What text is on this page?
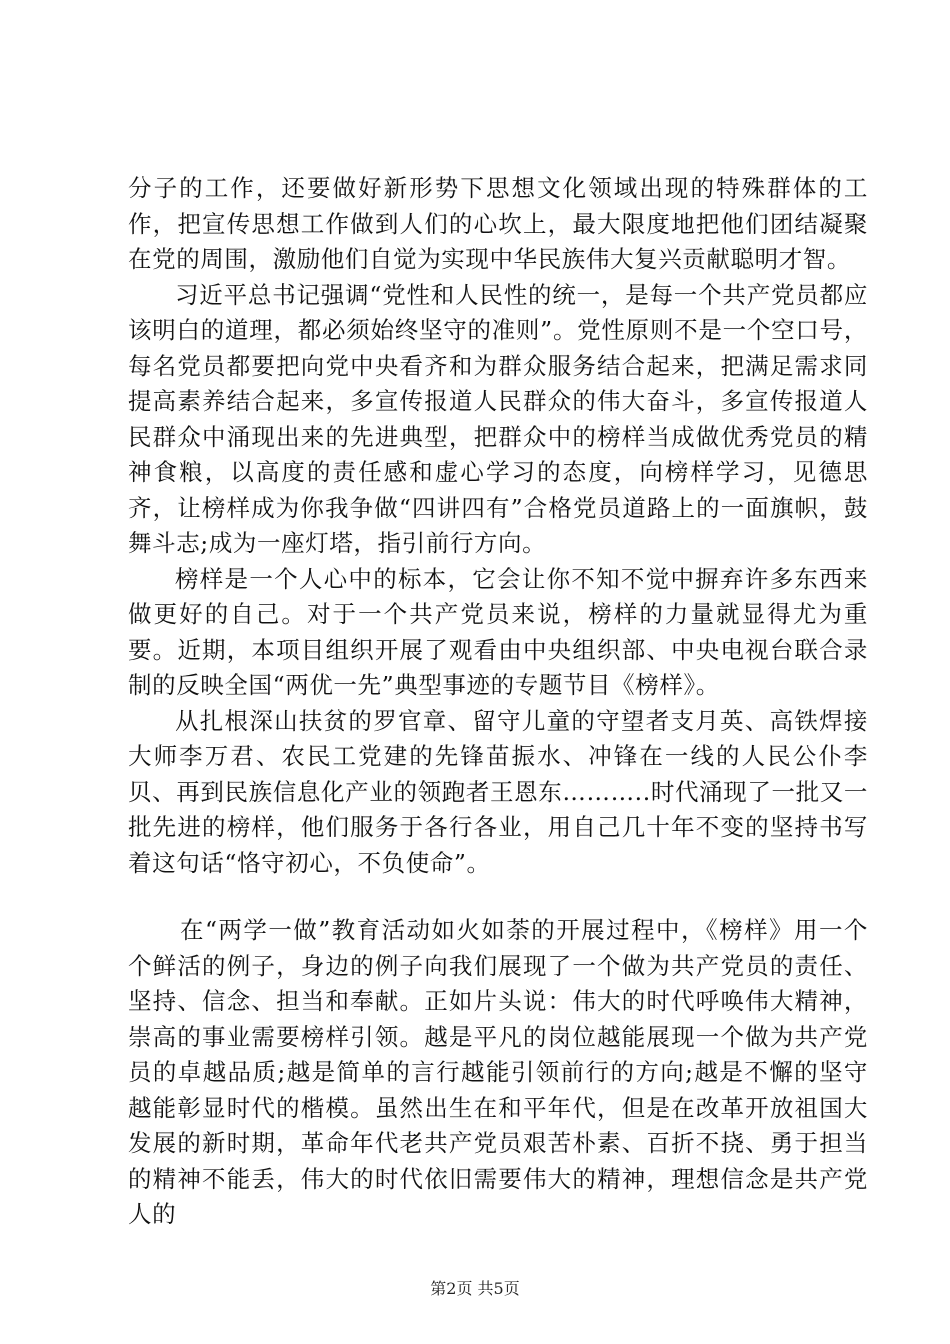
分子的工作，还要做好新形势下思想文化领域出现的特殊群体的工作，把宣传思想工作做到人们的心坎上，最大限度地把他们团结凝聚在党的周围，激励他们自觉为实现中华民族伟大复兴贡献聪明才智。

习近平总书记强调“党性和人民性的统一，是每一个共产党员都应该明白的道理，都必须始终坚守的准则”。党性原则不是一个空口号，每名党员都要把向党中央看齐和为群众服务结合起来，把满足需求同提高素养结合起来，多宣传报道人民群众的伟大奋斗，多宣传报道人民群众中涌现出来的先进典型，把群众中的榜样当成做优秀党员的精神食粮，以高度的责任感和虚心学习的态度，向榜样学习，见德思齐，让榜样成为你我争做“四讲四有”合格党员道路上的一面旗帜，鼓舞斗志;成为一座灯塔，指引前行方向。

榜样是一个人心中的标本，它会让你不知不觉中摒弃许多东西来做更好的自己。对于一个共产党员来说，榜样的力量就显得尤为重要。近期，本项目组织开展了观看由中央组织部、中央电视台联合录制的反映全国“两优一先”典型事迹的专题节目《榜样》。

从扎根深山扶贫的罗官章、留守儿童的守望者支月英、高铁焊接大师李万君、农民工党建的先锋苗振水、冲锋在一线的人民公仆李贝、再到民族信息化产业的领跑者王恩东………..时代涌现了一批又一批先进的榜样，他们服务于各行各业，用自己几十年不变的坚持书写着这句话“恪守初心，不负使命”。

在“两学一做”教育活动如火如荼的开展过程中，《榜样》用一个个鲜活的例子，身边的例子向我们展现了一个做为共产党员的责任、坚持、信念、担当和奉献。正如片头说：伟大的时代呼唤伟大精神，崇高的事业需要榜样引领。越是平凡的岗位越能展现一个做为共产党员的卓越品质;越是简单的言行越能引领前行的方向;越是不懈的坚守越能彰显时代的楷模。虽然出生在和平年代，但是在改革开放祖国大发展的新时期，革命年代老共产党员艰苦朴素、百折不挠、勇于担当的精神不能丢，伟大的时代依旧需要伟大的精神，理想信念是共产党人的

第2页 共5页
